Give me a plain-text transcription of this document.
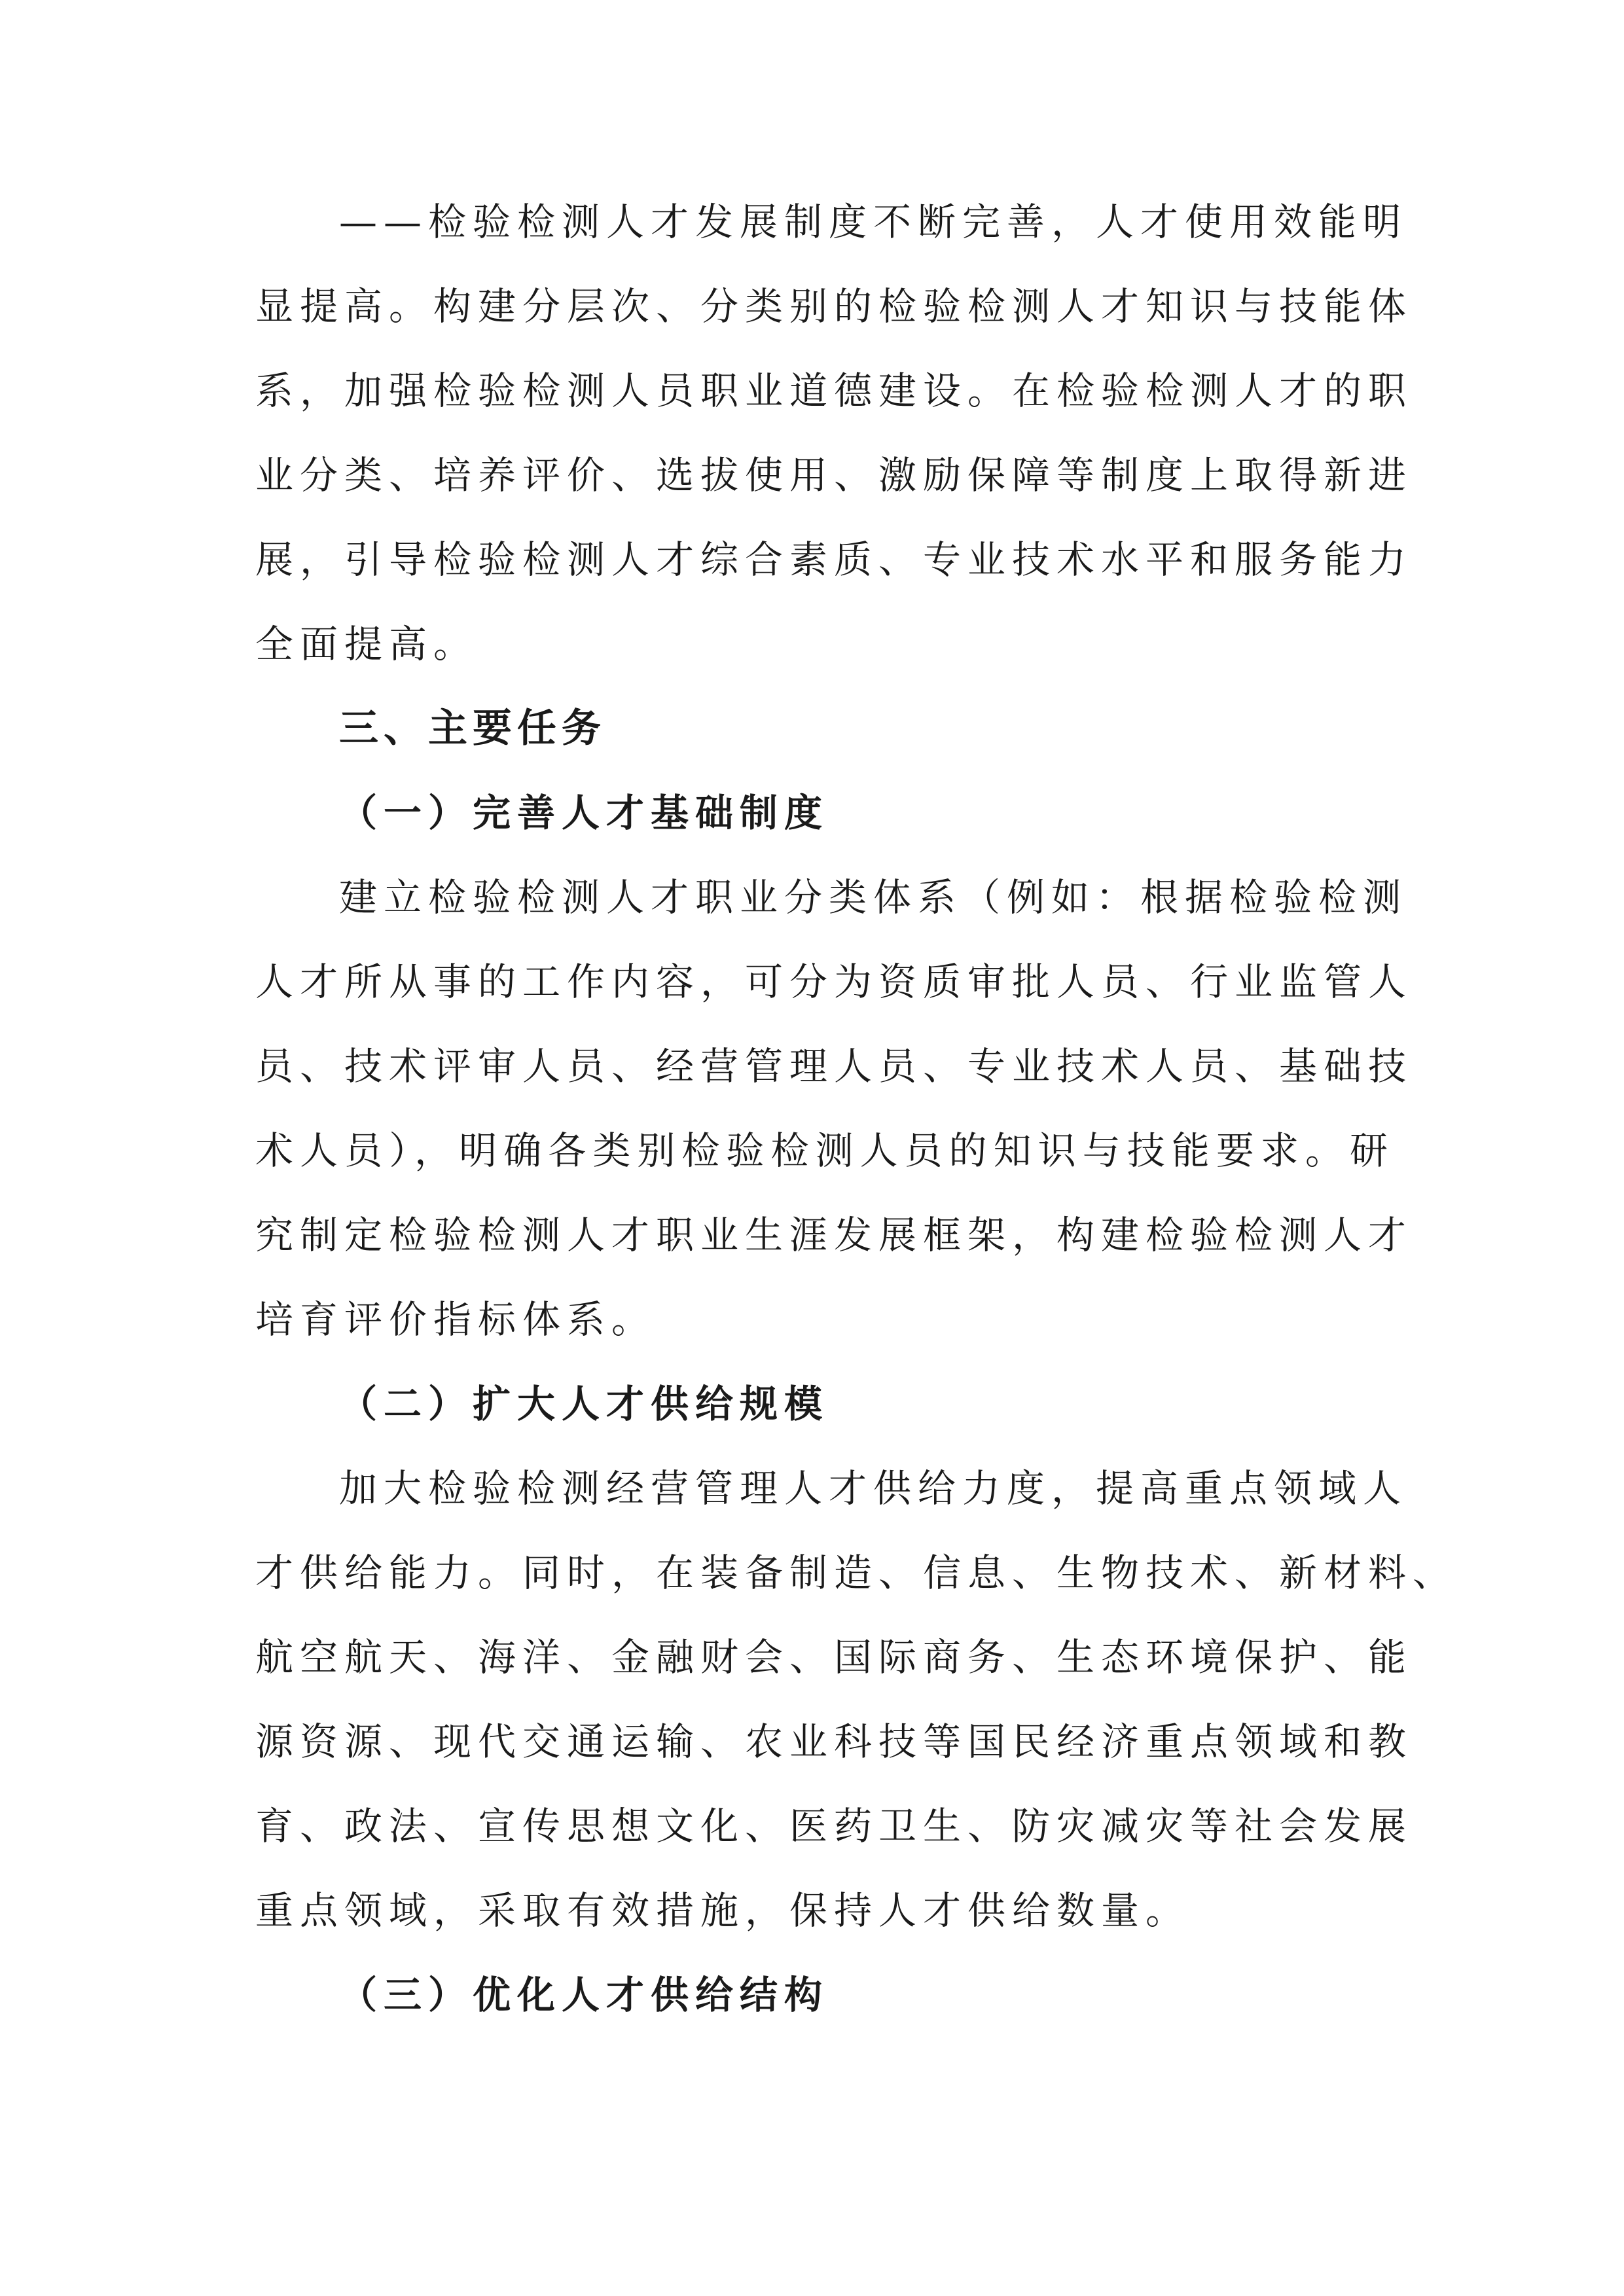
——检验检测人才发展制度不断完善，人才使用效能明
显提高。构建分层次、分类别的检验检测人才知识与技能体
系，加强检验检测人员职业道德建设。在检验检测人才的职
业分类、培养评价、选拔使用、激励保障等制度上取得新进
展，引导检验检测人才综合素质、专业技术水平和服务能力
全面提高。

三、主要任务
（一）完善人才基础制度

建立检验检测人才职业分类体系（例如：根据检验检测
人才所从事的工作内容，可分为资质审批人员、行业监管人
员、技术评审人员、经营管理人员、专业技术人员、基础技
术人员），明确各类别检验检测人员的知识与技能要求。研
究制定检验检测人才职业生涯发展框架，构建检验检测人才
培育评价指标体系。

（二）扩大人才供给规模

加大检验检测经营管理人才供给力度，提高重点领域人
才供给能力。同时，在装备制造、信息、生物技术、新材料、
航空航天、海洋、金融财会、国际商务、生态环境保护、能
源资源、现代交通运输、农业科技等国民经济重点领域和教
育、政法、宣传思想文化、医药卫生、防灾减灾等社会发展
重点领域，采取有效措施，保持人才供给数量。

（三）优化人才供给结构
